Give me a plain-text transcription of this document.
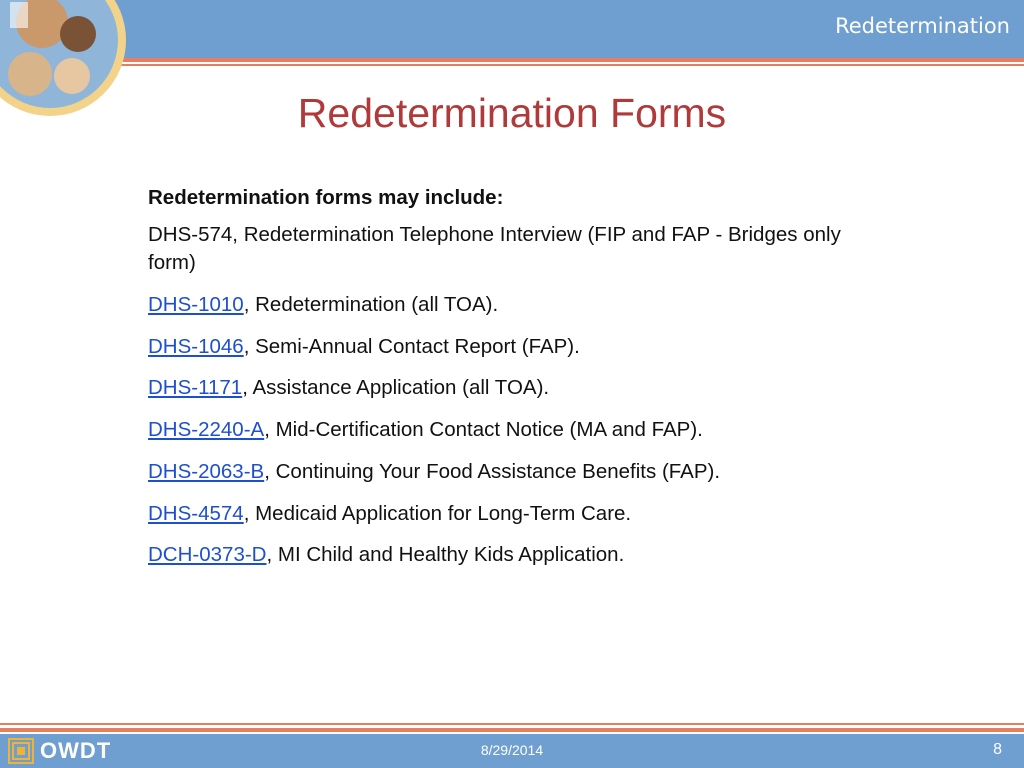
Redetermination
Redetermination Forms

Redetermination forms may include:

DHS-574, Redetermination Telephone Interview (FIP and FAP - Bridges only form)

DHS-1010, Redetermination (all TOA).

DHS-1046, Semi-Annual Contact Report (FAP).

DHS-1171, Assistance Application (all TOA).

DHS-2240-A, Mid-Certification Contact Notice (MA and FAP).

DHS-2063-B, Continuing Your Food Assistance Benefits (FAP).

DHS-4574, Medicaid Application for Long-Term Care.

DCH-0373-D, MI Child and Healthy Kids Application.

OWDT	8/29/2014	8
